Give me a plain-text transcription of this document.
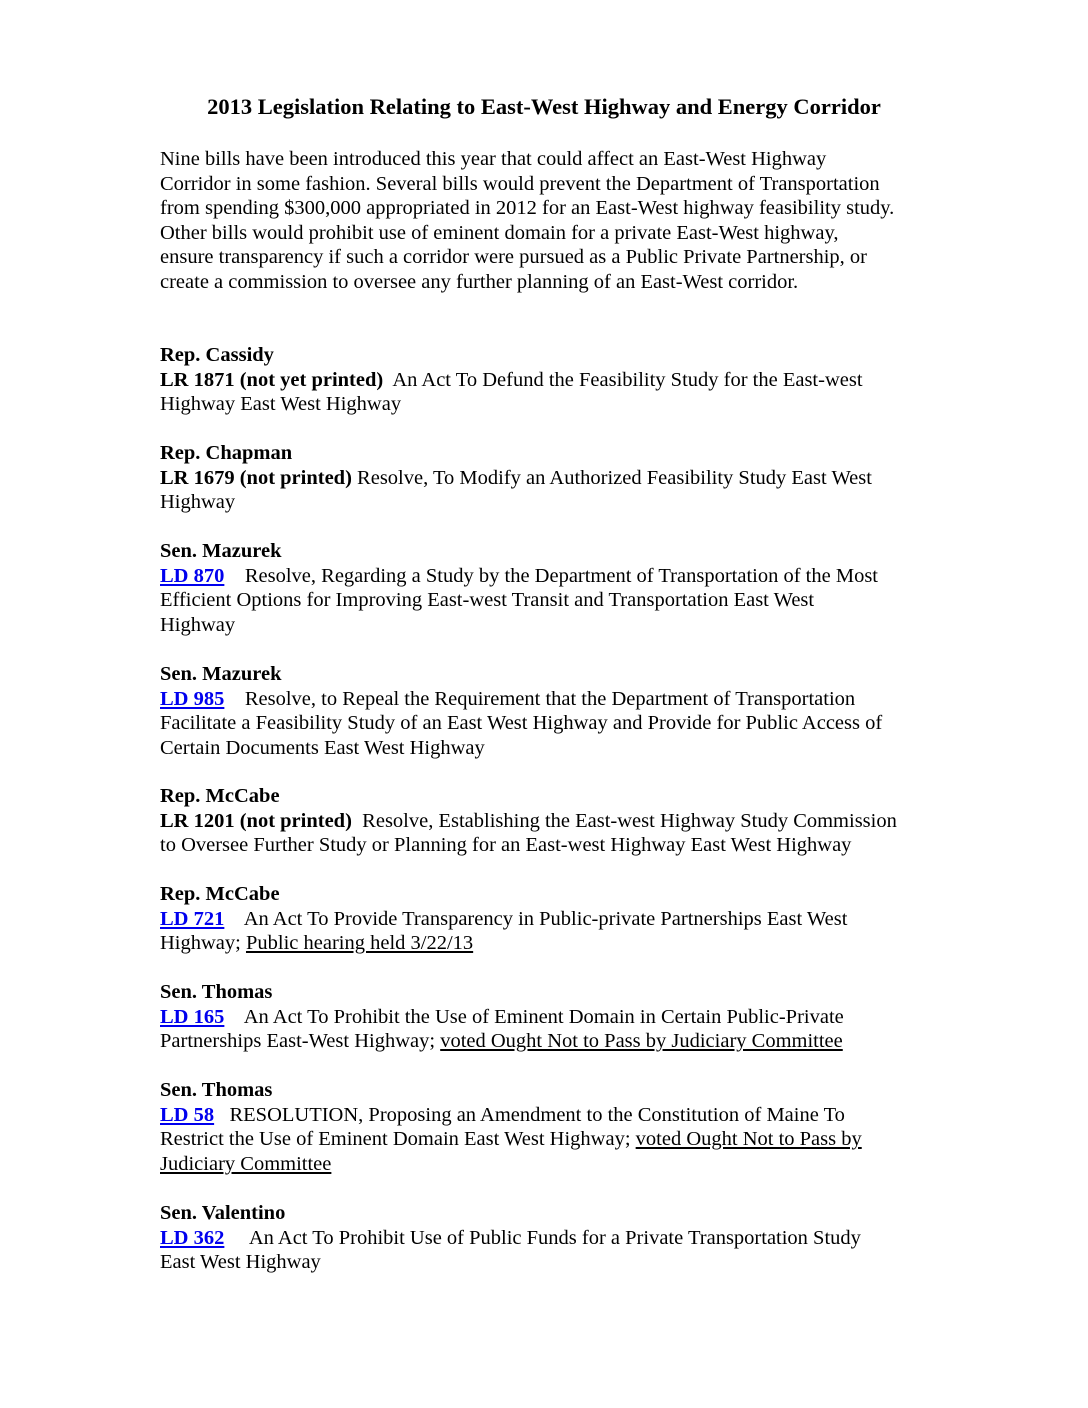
2013 Legislation Relating to East-West Highway and Energy Corridor
Nine bills have been introduced this year that could affect an East-West Highway
Corridor in some fashion. Several bills would prevent the Department of Transportation
from spending $300,000 appropriated in 2012 for an East-West highway feasibility study.
Other bills would prohibit use of eminent domain for a private East-West highway,
ensure transparency if such a corridor were pursued as a Public Private Partnership, or
create a commission to oversee any further planning of an East-West corridor.
Rep. Cassidy
LR 1871 (not yet printed) An Act To Defund the Feasibility Study for the East-west
Highway East West Highway
Rep. Chapman
LR 1679 (not printed) Resolve, To Modify an Authorized Feasibility Study East West
Highway
Sen. Mazurek
LD 870 Resolve, Regarding a Study by the Department of Transportation of the Most
Efficient Options for Improving East-west Transit and Transportation East West
Highway
Sen. Mazurek
LD 985 Resolve, to Repeal the Requirement that the Department of Transportation
Facilitate a Feasibility Study of an East West Highway and Provide for Public Access of
Certain Documents East West Highway
Rep. McCabe
LR 1201 (not printed) Resolve, Establishing the East-west Highway Study Commission
to Oversee Further Study or Planning for an East-west Highway East West Highway
Rep. McCabe
LD 721 An Act To Provide Transparency in Public-private Partnerships East West
Highway; Public hearing held 3/22/13
Sen. Thomas
LD 165 An Act To Prohibit the Use of Eminent Domain in Certain Public-Private
Partnerships East-West Highway; voted Ought Not to Pass by Judiciary Committee
Sen. Thomas
LD 58 RESOLUTION, Proposing an Amendment to the Constitution of Maine To
Restrict the Use of Eminent Domain East West Highway; voted Ought Not to Pass by
Judiciary Committee
Sen. Valentino
LD 362 An Act To Prohibit Use of Public Funds for a Private Transportation Study
East West Highway
